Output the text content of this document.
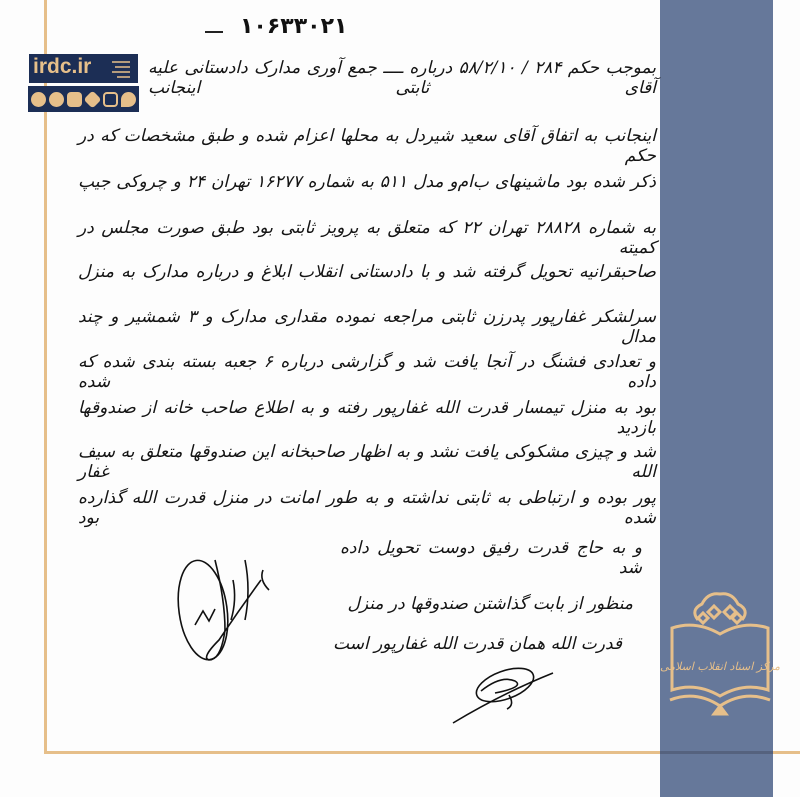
مرکز اسناد انقلاب اسلامی
irdc.ir
۱۰۶۳۳۰۲۱
بموجب حکم ۲۸۴ / ۵۸/۲/۱۰ درباره ــــ جمع آوری مدارک دادستانی علیه آقای ثابتی اینجانب
اینجانب به اتفاق آقای سعید شیردل به محلها اعزام شده و طبق مشخصات که در حکم
ذکر شده بود ماشینهای ب‌ام‌و مدل ۵۱۱ به شماره ۱۶۲۷۷ تهران ۲۴ و چروکی جیپ
به شماره ۲۸۸۲۸ تهران ۲۲ که متعلق به پرویز ثابتی بود طبق صورت مجلس در کمیته
صاحبقرانیه تحویل گرفته شد و با دادستانی انقلاب ابلاغ و درباره مدارک به منزل
سرلشکر غفارپور پدرزن ثابتی مراجعه نموده مقداری مدارک و ۳ شمشیر و چند مدال
و تعدادی فشنگ در آنجا یافت شد و گزارشی درباره ۶ جعبه بسته بندی شده که داده شده
بود به منزل تیمسار قدرت الله غفارپور رفته و به اطلاع صاحب خانه از صندوقها بازدید
شد و چیزی مشکوکی یافت نشد و به اظهار صاحبخانه این صندوقها متعلق به سیف الله غفار
پور بوده و ارتباطی به ثابتی نداشته و به طور امانت در منزل قدرت الله گذارده شده بود
و به حاج قدرت رفیق دوست تحویل داده شد
منظور از بابت گذاشتن صندوقها در منزل
قدرت الله همان قدرت الله غفارپور است
